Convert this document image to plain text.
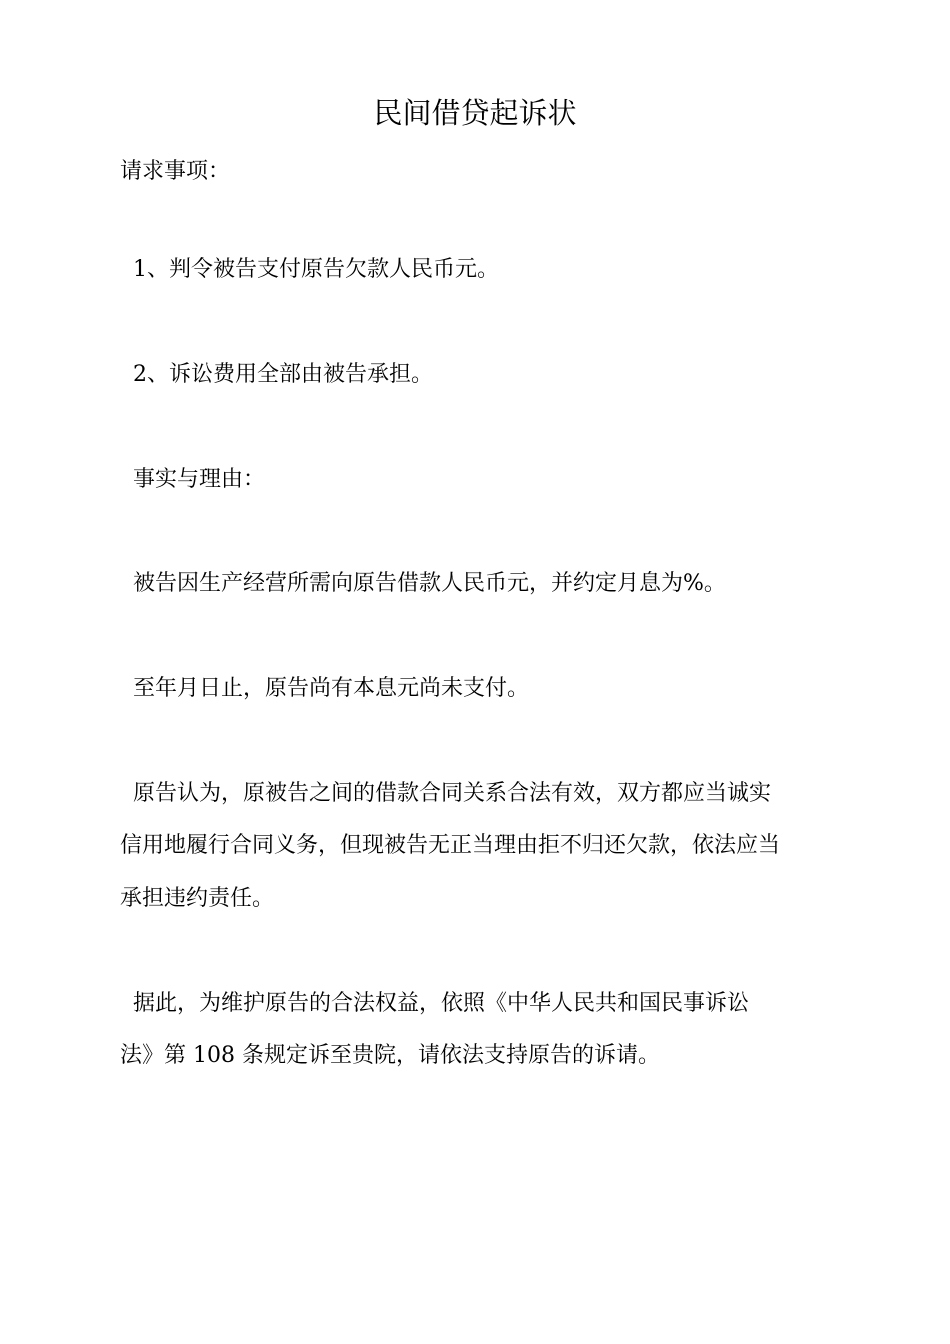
民间借贷起诉状
请求事项：
1、判令被告支付原告欠款人民币元。
2、诉讼费用全部由被告承担。
事实与理由：
被告因生产经营所需向原告借款人民币元，并约定月息为%。
至年月日止，原告尚有本息元尚未支付。
原告认为，原被告之间的借款合同关系合法有效，双方都应当诚实
信用地履行合同义务，但现被告无正当理由拒不归还欠款，依法应当
承担违约责任。
据此，为维护原告的合法权益，依照《中华人民共和国民事诉讼
法》第 108 条规定诉至贵院，请依法支持原告的诉请。
